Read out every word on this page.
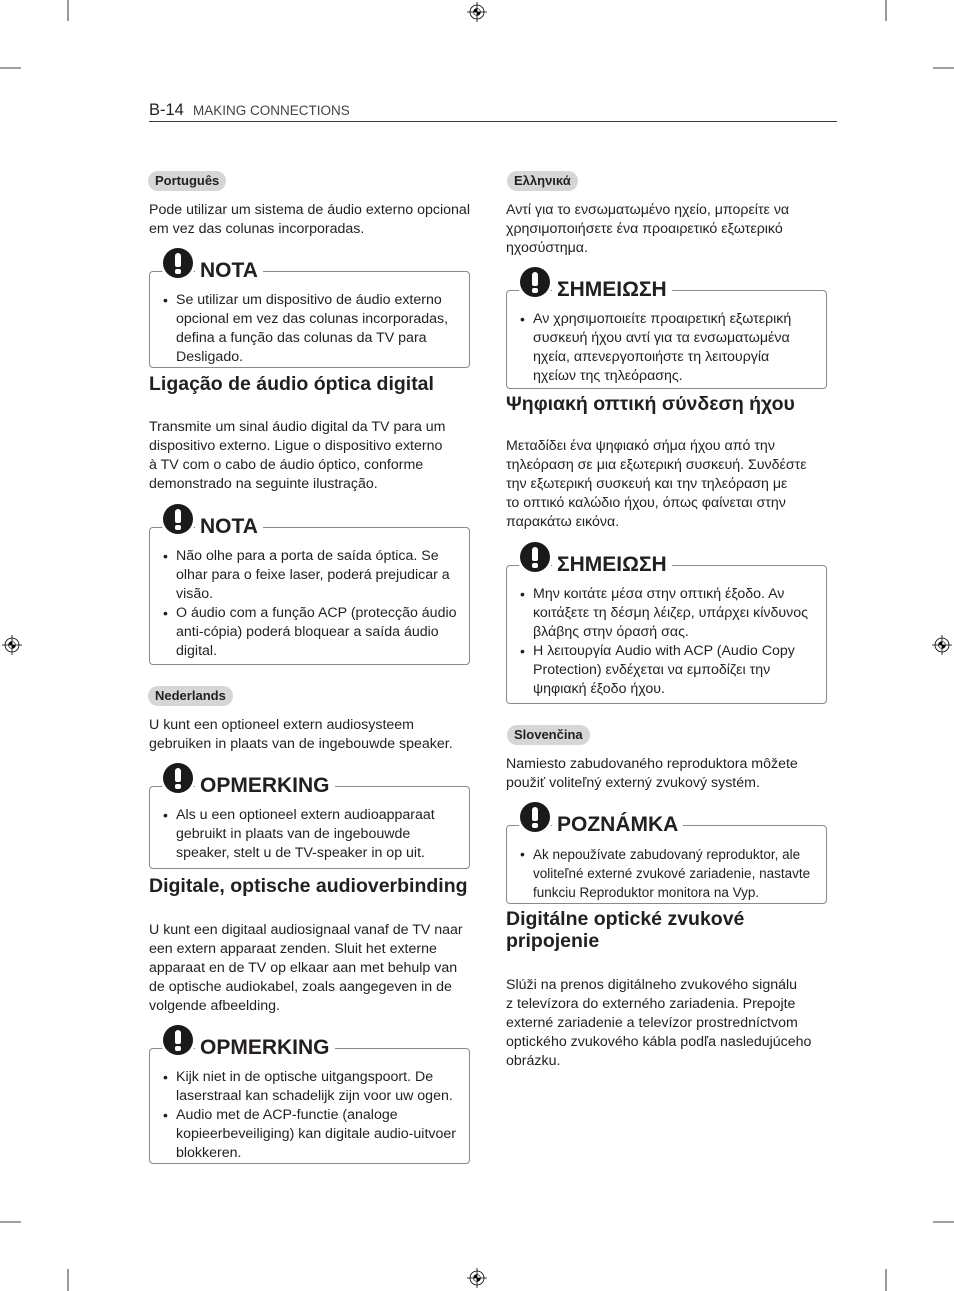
B-14 MAKING CONNECTIONS
Português
Pode utilizar um sistema de áudio externo opcional
em vez das colunas incorporadas.
NOTA
• Se utilizar um dispositivo de áudio externo
opcional em vez das colunas incorporadas,
defina a função das colunas da TV para
Desligado.
Ligação de áudio óptica digital
Transmite um sinal áudio digital da TV para um
dispositivo externo. Ligue o dispositivo externo
à TV com o cabo de áudio óptico, conforme
demonstrado na seguinte ilustração.
NOTA
• Não olhe para a porta de saída óptica. Se
olhar para o feixe laser, poderá prejudicar a
visão.
• O áudio com a função ACP (protecção áudio
anti-cópia) poderá bloquear a saída áudio
digital.
Nederlands
U kunt een optioneel extern audiosysteem
gebruiken in plaats van de ingebouwde speaker.
OPMERKING
• Als u een optioneel extern audioapparaat
gebruikt in plaats van de ingebouwde
speaker, stelt u de TV-speaker in op uit.
Digitale, optische audioverbinding
U kunt een digitaal audiosignaal vanaf de TV naar
een extern apparaat zenden. Sluit het externe
apparaat en de TV op elkaar aan met behulp van
de optische audiokabel, zoals aangegeven in de
volgende afbeelding.
OPMERKING
• Kijk niet in de optische uitgangspoort. De
laserstraal kan schadelijk zijn voor uw ogen.
• Audio met de ACP-functie (analoge
kopieerbeveiliging) kan digitale audio-uitvoer
blokkeren.
Ελληνικά
Αντί για το ενσωματωμένο ηχείο, μπορείτε να
χρησιμοποιήσετε ένα προαιρετικό εξωτερικό
ηχοσύστημα.
ΣΗΜΕΙΩΣΗ
• Αν χρησιμοποιείτε προαιρετική εξωτερική
συσκευή ήχου αντί για τα ενσωματωμένα
ηχεία, απενεργοποιήστε τη λειτουργία
ηχείων της τηλεόρασης.
Ψηφιακή οπτική σύνδεση ήχου
Μεταδίδει ένα ψηφιακό σήμα ήχου από την
τηλεόραση σε μια εξωτερική συσκευή. Συνδέστε
την εξωτερική συσκευή και την τηλεόραση με
το οπτικό καλώδιο ήχου, όπως φαίνεται στην
παρακάτω εικόνα.
ΣΗΜΕΙΩΣΗ
• Μην κοιτάτε μέσα στην οπτική έξοδο. Αν
κοιτάξετε τη δέσμη λέιζερ, υπάρχει κίνδυνος
βλάβης στην όρασή σας.
• Η λειτουργία Audio with ACP (Audio Copy
Protection) ενδέχεται να εμποδίζει την
ψηφιακή έξοδο ήχου.
Slovenčina
Namiesto zabudovaného reproduktora môžete
použiť voliteľný externý zvukový systém.
POZNÁMKA
• Ak nepoužívate zabudovaný reproduktor, ale
voliteľné externé zvukové zariadenie, nastavte
funkciu Reproduktor monitora na Vyp.
Digitálne optické zvukové
pripojenie
Slúži na prenos digitálneho zvukového signálu
z televízora do externého zariadenia. Prepojte
externé zariadenie a televízor prostredníctvom
optického zvukového kábla podľa nasledujúceho
obrázku.
